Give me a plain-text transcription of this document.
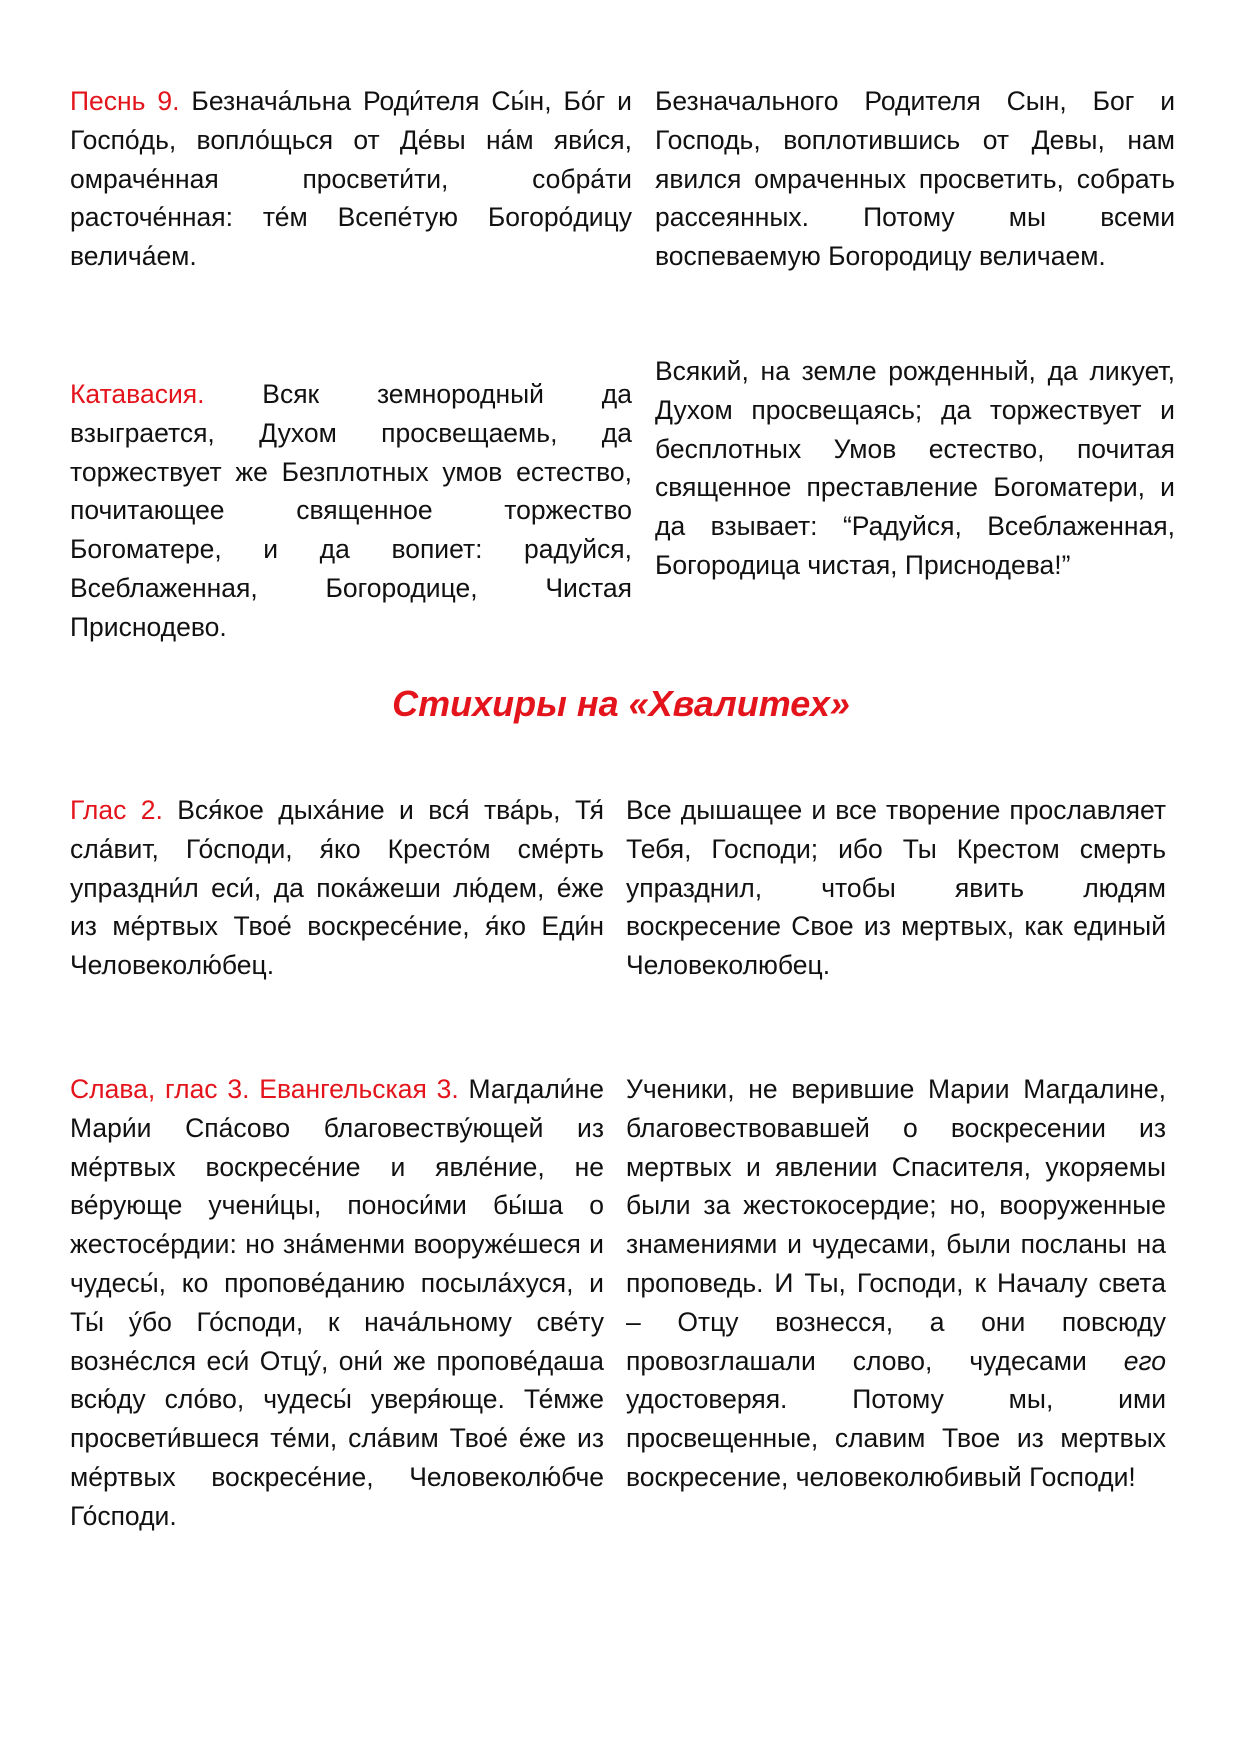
Песнь 9. Безнача́льна Роди́теля Сы́н, Бо́г и Госпо́дь, вопло́щься от Де́вы на́м яви́ся, омраче́нная просвети́ти, собра́ти расточе́нная: те́м Всепе́тую Богоро́дицу велича́ем.
Безначального Родителя Сын, Бог и Господь, воплотившись от Девы, нам явился омраченных просветить, собрать рассеянных. Потому мы всеми воспеваемую Богородицу величаем.
Катавасия. Всяк земнородный да взыграется, Духом просвещаемь, да торжествует же Безплотных умов естество, почитающее священное торжество Богоматере, и да вопиет: радуйся, Всеблаженная, Богородице, Чистая Приснодево.
Всякий, на земле рожденный, да ликует, Духом просвещаясь; да торжествует и бесплотных Умов естество, почитая священное преставление Богоматери, и да взывает: “Радуйся, Всеблаженная, Богородица чистая, Приснодева!”
Стихиры на «Хвалитех»
Глас 2. Вся́кое дыха́ние и вся́ тва́рь, Тя́ сла́вит, Го́споди, я́ко Кресто́м сме́рть упраздни́л еси́, да пока́жеши лю́дем, е́же из ме́ртвых Твое́ воскресе́ние, я́ко Еди́н Человеколю́бец.
Все дышащее и все творение прославляет Тебя, Господи; ибо Ты Крестом смерть упразднил, чтобы явить людям воскресение Свое из мертвых, как единый Человеколюбец.
Слава, глас 3. Евангельская 3. Магдали́не Мари́и Спа́сово благовеству́ющей из ме́ртвых воскресе́ние и явле́ние, не ве́рующе учени́цы, поноси́ми бы́ша о жестосе́рдии: но зна́менми вооруже́шеся и чудесы́, ко пропове́данию посыла́хуся, и Ты́ у́бо Го́споди, к нача́льному све́ту возне́слся еси́ Отцу́, они́ же пропове́даша всю́ду сло́во, чудесы́ уверя́юще. Те́мже просвети́вшеся те́ми, сла́вим Твое́ е́же из ме́ртвых воскресе́ние, Человеколю́бче Го́споди.
Ученики, не верившие Марии Магдалине, благовествовавшей о воскресении из мертвых и явлении Спасителя, укоряемы были за жестокосердие; но, вооруженные знамениями и чудесами, были посланы на проповедь. И Ты, Господи, к Началу света – Отцу вознесся, а они повсюду провозглашали слово, чудесами его удостоверяя. Потому мы, ими просвещенные, славим Твое из мертвых воскресение, человеколюбивый Господи!
